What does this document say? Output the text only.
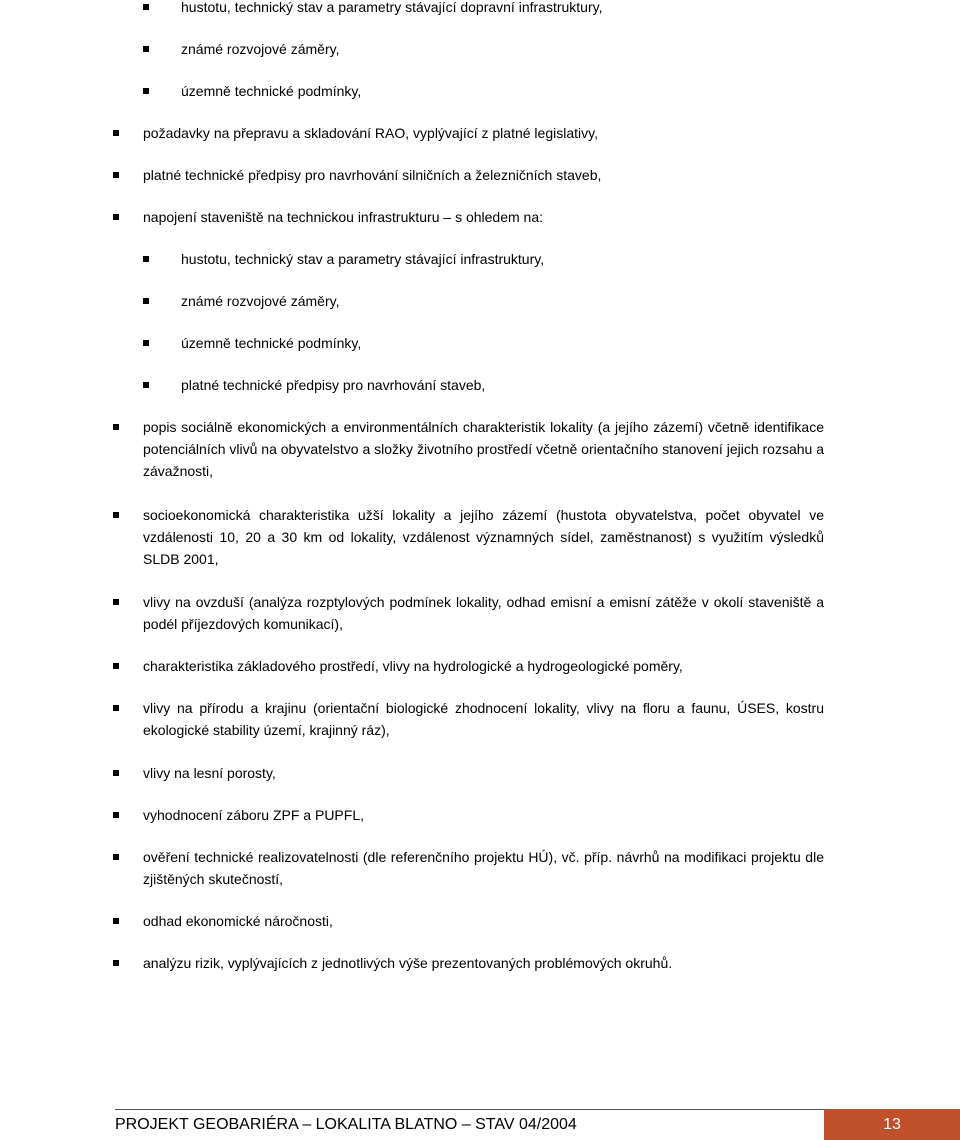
hustotu, technický stav a parametry stávající dopravní infrastruktury,

známé rozvojové záměry,

územně technické podmínky,

požadavky na přepravu a skladování RAO, vyplývající z platné legislativy,

platné technické předpisy pro navrhování silničních a železničních staveb,

napojení staveniště na technickou infrastrukturu – s ohledem na:

hustotu, technický stav a parametry stávající infrastruktury,

známé rozvojové záměry,

územně technické podmínky,

platné technické předpisy pro navrhování staveb,

popis sociálně ekonomických a environmentálních charakteristik lokality (a jejího zázemí) včetně identifikace potenciálních vlivů na obyvatelstvo a složky životního prostředí včetně orientačního stanovení jejich rozsahu a závažnosti,

socioekonomická charakteristika užší lokality a jejího zázemí (hustota obyvatelstva, počet obyvatel ve vzdálenosti 10, 20 a 30 km od lokality, vzdálenost významných sídel, zaměstnanost) s využitím výsledků SLDB 2001,

vlivy na ovzduší (analýza rozptylových podmínek lokality, odhad emisní a emisní zátěže v okolí staveniště a podél příjezdových komunikací),

charakteristika základového prostředí, vlivy na hydrologické a hydrogeologické poměry,

vlivy na přírodu a krajinu (orientační biologické zhodnocení lokality, vlivy na floru a faunu, ÚSES, kostru ekologické stability území, krajinný ráz),

vlivy na lesní porosty,

vyhodnocení záboru ZPF a PUPFL,

ověření technické realizovatelnosti (dle referenčního projektu HÚ), vč. příp. návrhů na modifikaci projektu dle zjištěných skutečností,

odhad ekonomické náročnosti,

analýzu rizik, vyplývajících z jednotlivých výše prezentovaných problémových okruhů.

PROJEKT GEOBARIÉRA – LOKALITA BLATNO – STAV 04/2004	13
